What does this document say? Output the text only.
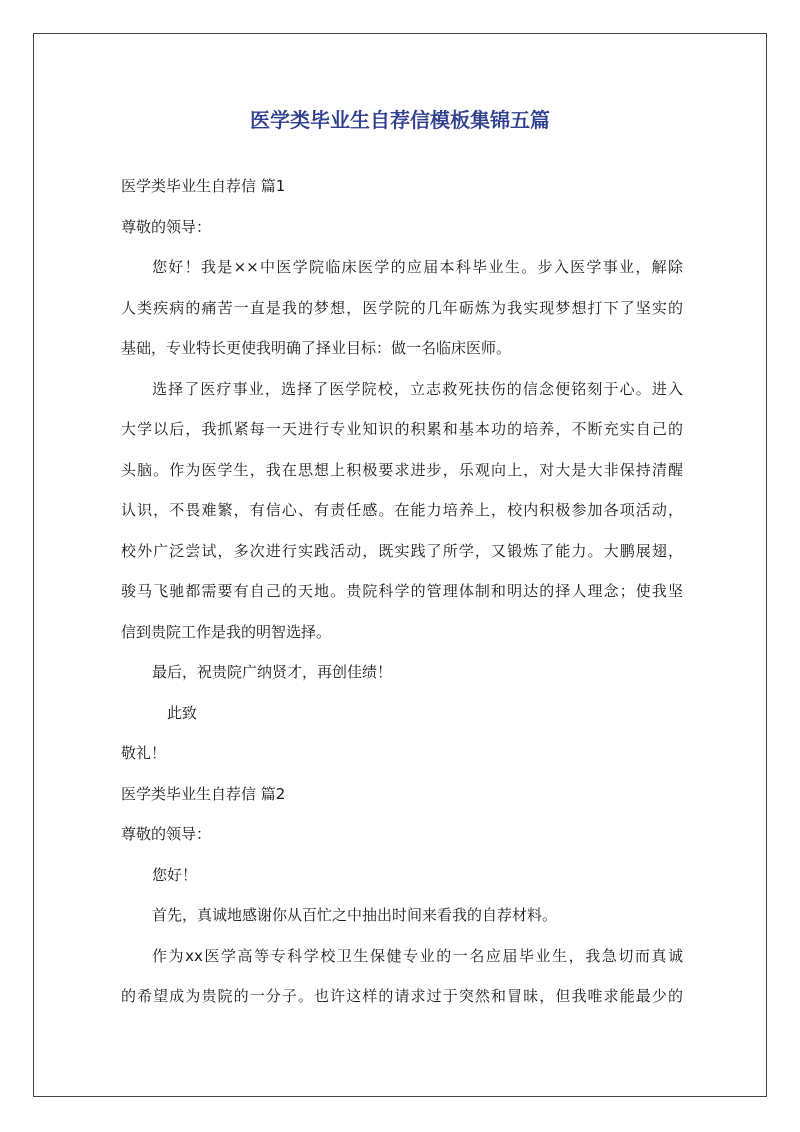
医学类毕业生自荐信模板集锦五篇
医学类毕业生自荐信 篇1
尊敬的领导：
您好！我是××中医学院临床医学的应届本科毕业生。步入医学事业，解除
人类疾病的痛苦一直是我的梦想，医学院的几年砺炼为我实现梦想打下了坚实的
基础，专业特长更使我明确了择业目标：做一名临床医师。
选择了医疗事业，选择了医学院校，立志救死扶伤的信念便铭刻于心。进入
大学以后，我抓紧每一天进行专业知识的积累和基本功的培养，不断充实自己的
头脑。作为医学生，我在思想上积极要求进步，乐观向上，对大是大非保持清醒
认识，不畏难繁，有信心、有责任感。在能力培养上，校内积极参加各项活动，
校外广泛尝试，多次进行实践活动，既实践了所学，又锻炼了能力。大鹏展翅，
骏马飞驰都需要有自己的天地。贵院科学的管理体制和明达的择人理念；使我坚
信到贵院工作是我的明智选择。
最后，祝贵院广纳贤才，再创佳绩！
此致
敬礼！
医学类毕业生自荐信 篇2
尊敬的领导：
您好！
首先，真诚地感谢你从百忙之中抽出时间来看我的自荐材料。
作为xx医学高等专科学校卫生保健专业的一名应届毕业生，我急切而真诚
的希望成为贵院的一分子。也许这样的请求过于突然和冒昧，但我唯求能最少的
